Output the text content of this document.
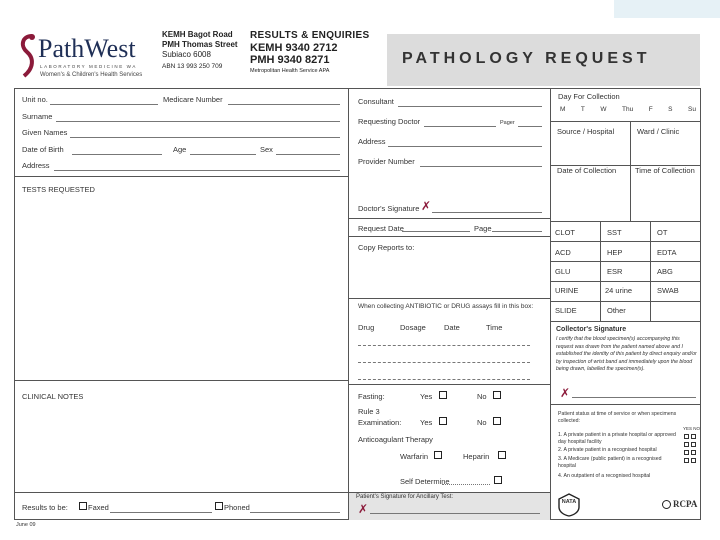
PathWest
LABORATORY MEDICINE WA
Women's & Children's Health Services
KEMH Bagot Road
PMH Thomas Street
Subiaco 6008
ABN 13 993 250 709
RESULTS & ENQUIRIES
KEMH 9340 2712
PMH 9340 8271
Metropolitan Health Service APA
PATHOLOGY REQUEST
Unit no.	Medicare Number
Surname
Given Names
Date of Birth	Age	Sex
Address
TESTS REQUESTED
CLINICAL NOTES
Results to be:	Faxed	Phoned
June 09
Consultant
Requesting Doctor	Pager
Address
Provider Number
Doctor's Signature ✗
Request Date	Page
Copy Reports to:
When collecting ANTIBIOTIC or DRUG assays fill in this box:
Drug	Dosage Date	Time
Fasting:	Yes	No
Rule 3
Examination: Yes	No
Anticoagulant Therapy
Warfarin	Heparin
Self Determine
Patient's Signature for Ancillary Test:
✗
Day For Collection
M T W Thu F S Su
Source / Hospital	Ward / Clinic
Date of Collection	Time of Collection
CLOT	SST	OT
ACD	HEP	EDTA
GLU	ESR	ABG
URINE	24 urine	SWAB
SLIDE	Other
Collector's Signature
I certify that the blood specimen(s) accompanying this request was drawn from the patient named above and I established the identity of this patient by direct enquiry and/or by inspection of wrist band and immediately upon the blood being drawn, labelled the specimen(s).
✗
Patient status at time of service or when specimens collected:
YES NO
1. A private patient in a private hospital or approved day hospital facility
2. A private patient in a recognised hospital
3. A Medicare (public patient) in a recognised hospital
4. An outpatient of a recognised hospital
NATA	RCPA
